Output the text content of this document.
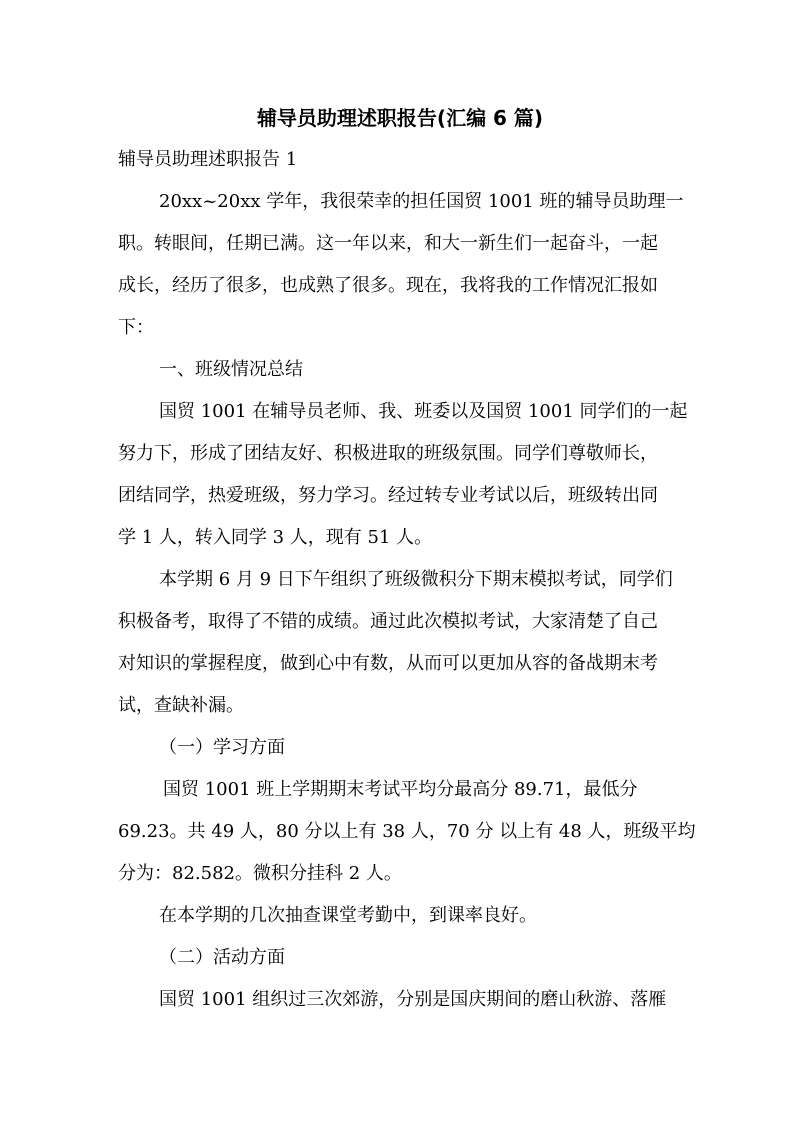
辅导员助理述职报告(汇编 6 篇)
辅导员助理述职报告 1
20xx~20xx 学年，我很荣幸的担任国贸 1001 班的辅导员助理一
职。转眼间，任期已满。这一年以来，和大一新生们一起奋斗，一起
成长，经历了很多，也成熟了很多。现在，我将我的工作情况汇报如
下：
一、班级情况总结
国贸 1001 在辅导员老师、我、班委以及国贸 1001 同学们的一起
努力下，形成了团结友好、积极进取的班级氛围。同学们尊敬师长，
团结同学，热爱班级，努力学习。经过转专业考试以后，班级转出同
学 1 人，转入同学 3 人，现有 51 人。
本学期 6 月 9 日下午组织了班级微积分下期末模拟考试，同学们
积极备考，取得了不错的成绩。通过此次模拟考试，大家清楚了自己
对知识的掌握程度，做到心中有数，从而可以更加从容的备战期末考
试，查缺补漏。
（一）学习方面
国贸 1001 班上学期期末考试平均分最高分 89.71，最低分
69.23。共 49 人，80 分以上有 38 人，70 分 以上有 48 人，班级平均
分为：82.582。微积分挂科 2 人。
在本学期的几次抽查课堂考勤中，到课率良好。
（二）活动方面
国贸 1001 组织过三次郊游，分别是国庆期间的磨山秋游、落雁
